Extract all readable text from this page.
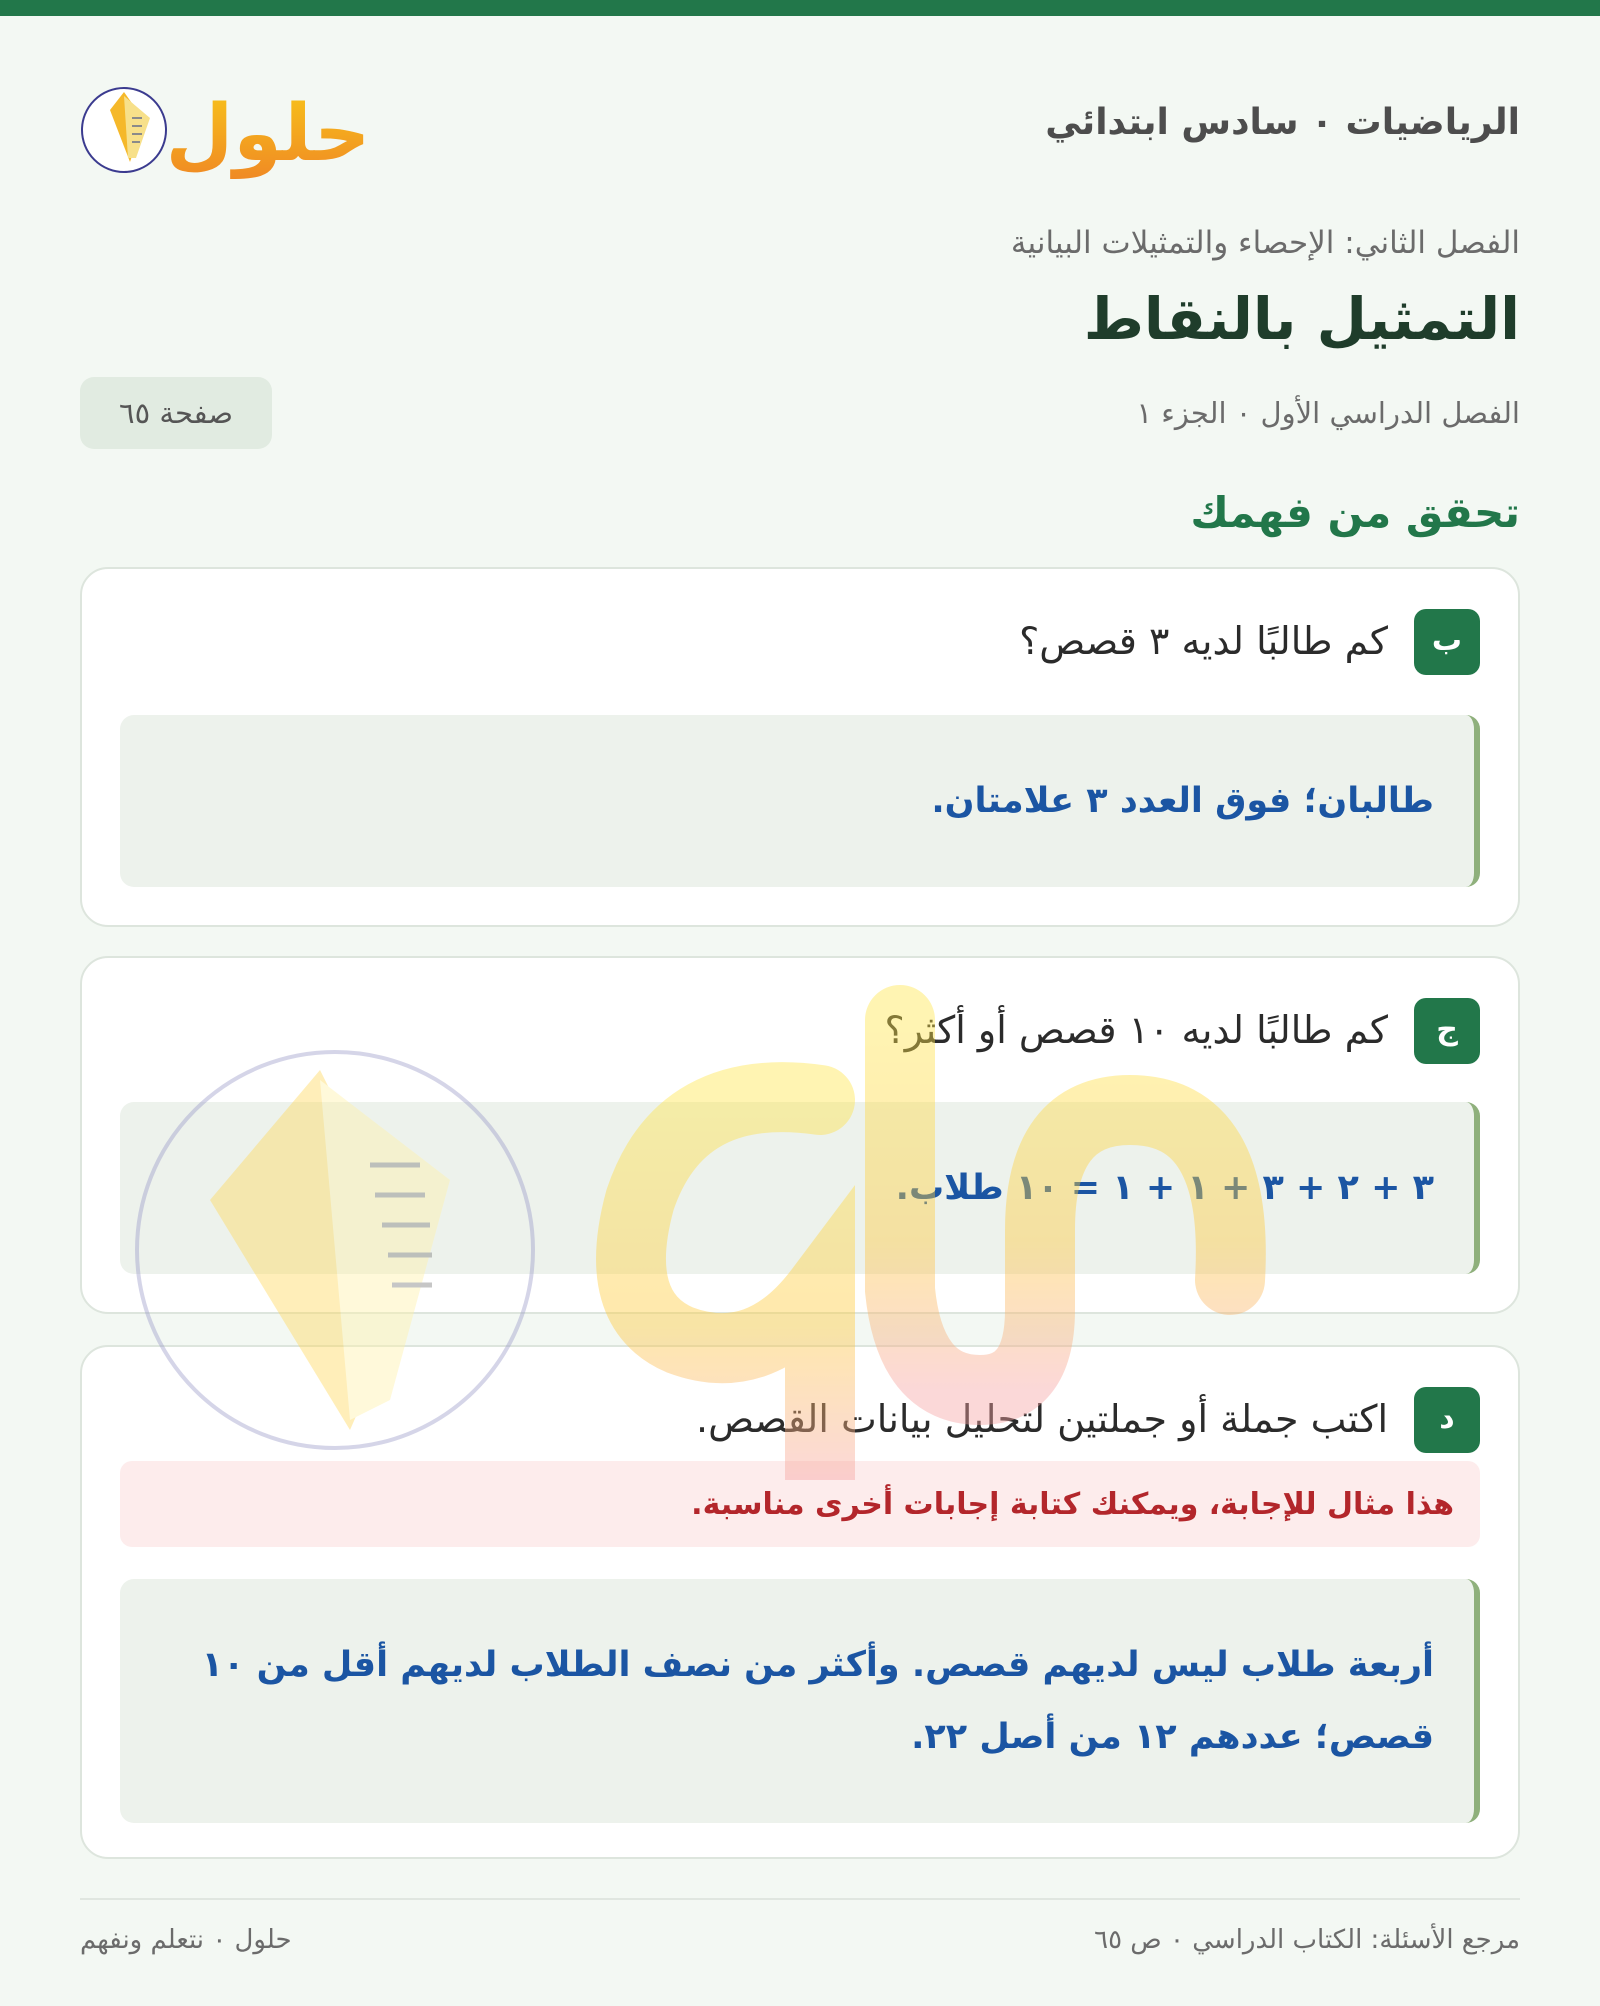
الرياضيات ٠ سادس ابتدائي
حلول
الفصل الثاني: الإحصاء والتمثيلات البيانية
التمثيل بالنقاط
الفصل الدراسي الأول ٠ الجزء ١
صفحة ٦٥
تحقق من فهمك
ب
كم طالبًا لديه ٣ قصص؟
طالبان؛ فوق العدد ٣ علامتان.
ج
كم طالبًا لديه ١٠ قصص أو أكثر؟
٣ + ٢ + ٣ + ١ + ١ = ١٠ طلاب.
د
اكتب جملة أو جملتين لتحليل بيانات القصص.
هذا مثال للإجابة، ويمكنك كتابة إجابات أخرى مناسبة.
أربعة طلاب ليس لديهم قصص. وأكثر من نصف الطلاب لديهم أقل من ١٠ قصص؛ عددهم ١٢ من أصل ٢٢.
مرجع الأسئلة: الكتاب الدراسي ٠ ص ٦٥
حلول ٠ نتعلم ونفهم
